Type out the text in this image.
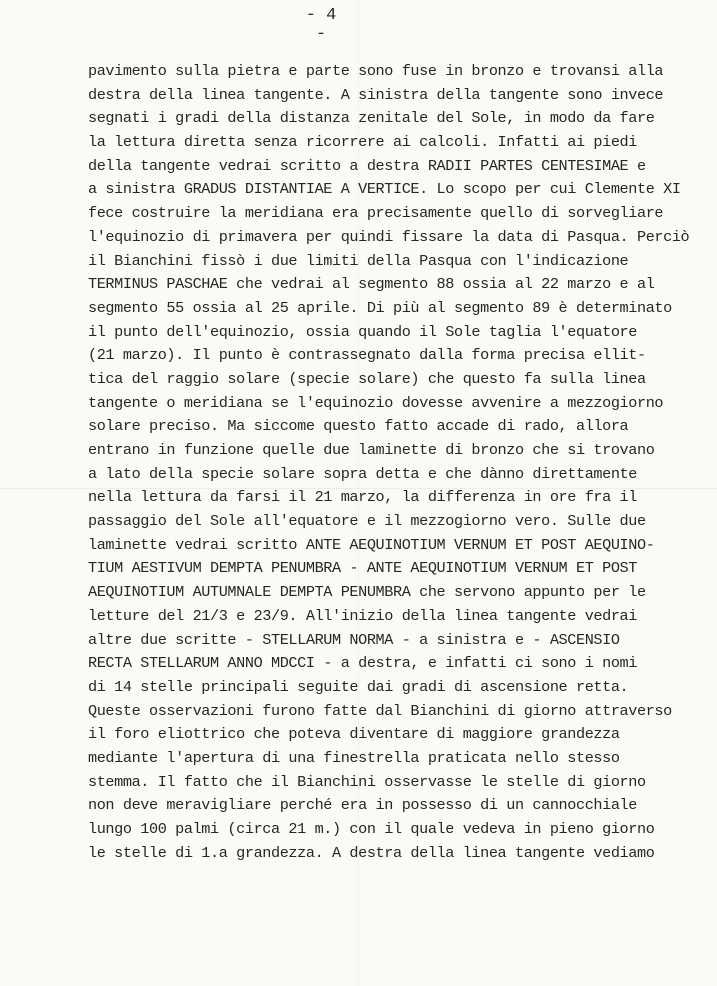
- 4 -
pavimento sulla pietra e parte sono fuse in bronzo e trovansi alla
destra della linea tangente. A sinistra della tangente sono invece
segnati i gradi della distanza zenitale del Sole, in modo da fare
la lettura diretta senza ricorrere ai calcoli. Infatti ai piedi
della tangente vedrai scritto a destra RADII PARTES CENTESIMAE e
a sinistra GRADUS DISTANTIAE A VERTICE. Lo scopo per cui Clemente XI
fece costruire la meridiana era precisamente quello di sorvegliare
l'equinozio di primavera per quindi fissare la data di Pasqua. Perciò
il Bianchini fissò i due limiti della Pasqua con l'indicazione
TERMINUS PASCHAE che vedrai al segmento 88 ossia al 22 marzo e al
segmento 55 ossia al 25 aprile. Di più al segmento 89 è determinato
il punto dell'equinozio, ossia quando il Sole taglia l'equatore
(21 marzo). Il punto è contrassegnato dalla forma precisa ellit-
tica del raggio solare (specie solare) che questo fa sulla linea
tangente o meridiana se l'equinozio dovesse avvenire a mezzogiorno
solare preciso. Ma siccome questo fatto accade di rado, allora
entrano in funzione quelle due laminette di bronzo che si trovano
a lato della specie solare sopra detta e che dànno direttamente
nella lettura da farsi il 21 marzo, la differenza in ore fra il
passaggio del Sole all'equatore e il mezzogiorno vero. Sulle due
laminette vedrai scritto ANTE AEQUINOTIUM VERNUM ET POST AEQUINO-
TIUM AESTIVUM DEMPTA PENUMBRA - ANTE AEQUINOTIUM VERNUM ET POST
AEQUINOTIUM AUTUMNALE DEMPTA PENUMBRA che servono appunto per le
letture del 21/3 e 23/9. All'inizio della linea tangente vedrai
altre due scritte - STELLARUM NORMA - a sinistra e - ASCENSIO
RECTA STELLARUM ANNO MDCCI - a destra, e infatti ci sono i nomi
di 14 stelle principali seguite dai gradi di ascensione retta.
Queste osservazioni furono fatte dal Bianchini di giorno attraverso
il foro eliottrico che poteva diventare di maggiore grandezza
mediante l'apertura di una finestrella praticata nello stesso
stemma. Il fatto che il Bianchini osservasse le stelle di giorno
non deve meravigliare perché era in possesso di un cannocchiale
lungo 100 palmi (circa 21 m.) con il quale vedeva in pieno giorno
le stelle di 1.a grandezza. A destra della linea tangente vediamo
